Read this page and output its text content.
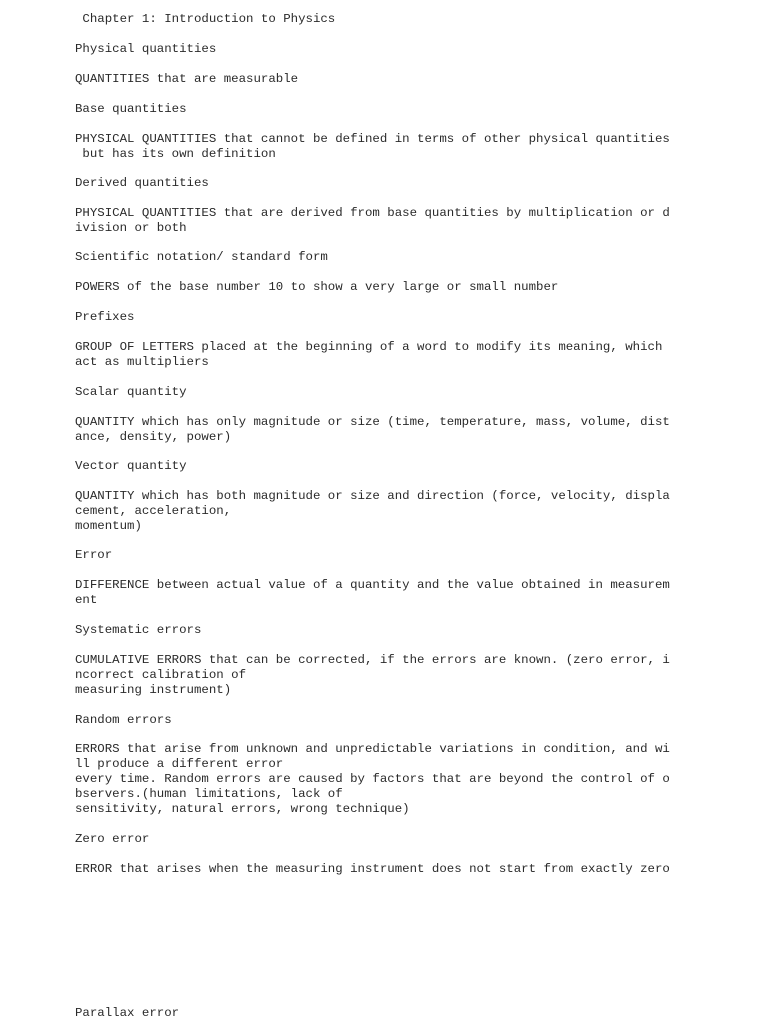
Chapter 1: Introduction to Physics

Physical quantities

QUANTITIES that are measurable

Base quantities

PHYSICAL QUANTITIES that cannot be defined in terms of other physical quantities

but has its own definition

Derived quantities

PHYSICAL QUANTITIES that are derived from base quantities by multiplication or d

ivision or both

Scientific notation/ standard form

POWERS of the base number 10 to show a very large or small number

Prefixes

GROUP OF LETTERS placed at the beginning of a word to modify its meaning, which

act as multipliers

Scalar quantity

QUANTITY which has only magnitude or size (time, temperature, mass, volume, dist

ance, density, power)

Vector quantity

QUANTITY which has both magnitude or size and direction (force, velocity, displa

cement, acceleration,

momentum)

Error

DIFFERENCE between actual value of a quantity and the value obtained in measurem

ent

Systematic errors

CUMULATIVE ERRORS that can be corrected, if the errors are known. (zero error, i

ncorrect calibration of

measuring instrument)

Random errors

ERRORS that arise from unknown and unpredictable variations in condition, and wi

ll produce a different error

every time. Random errors are caused by factors that are beyond the control of o

bservers.(human limitations, lack of

sensitivity, natural errors, wrong technique)

Zero error

ERROR that arises when the measuring instrument does not start from exactly zero

Parallax error
